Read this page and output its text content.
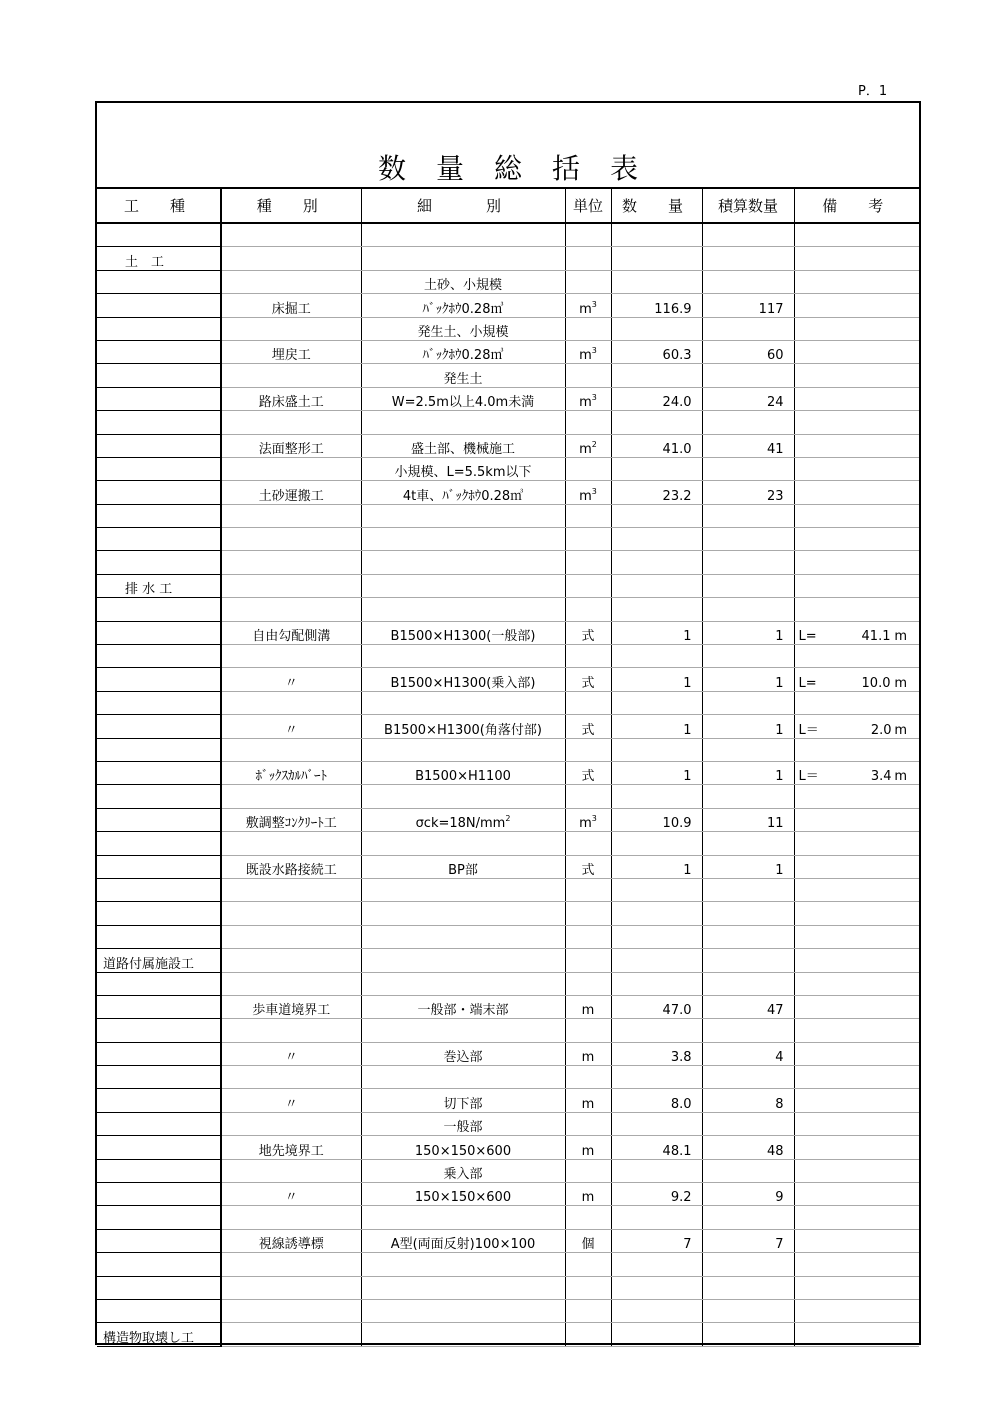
P．1
数量総括表
工　種	種　別	細　　別	単位	数　量	積算数量	備　考

土　工						
		土砂、小規模				
	床掘工	ﾊﾞｯｸﾎｳ0.28㎥	$m^3$	116.9	117	
		発生土、小規模				
	埋戻工	ﾊﾞｯｸﾎｳ0.28㎥	$m^3$	60.3	60	
		発生土				
	路床盛土工	W=2.5m以上4.0m未満	$m^3$	24.0	24	

	法面整形工	盛土部、機械施工	$m^2$	41.0	41	
		小規模、L=5.5km以下				
	土砂運搬工	4t車、ﾊﾞｯｸﾎｳ0.28㎥	$m^3$	23.2	23	

排 水 工						

	自由勾配側溝	B1500×H1300(一般部)	式	1	1	L= 41.1 m

	〃	B1500×H1300(乗入部)	式	1	1	L= 10.0 m

	〃	B1500×H1300(角落付部)	式	1	1	L＝ 2.0 m

	ﾎﾞｯｸｽｶﾙﾊﾞｰﾄ	B1500×H1100	式	1	1	L＝ 3.4 m

	敷調整ｺﾝｸﾘｰﾄ工	$\sigma ck=18N/mm^2$	$m^3$	10.9	11	

	既設水路接続工	BP部	式	1	1	

道路付属施設工						

	歩車道境界工	一般部・端末部	m	47.0	47	

	〃	巻込部	m	3.8	4	

	〃	切下部	m	8.0	8	
		一般部				
	地先境界工	150×150×600	m	48.1	48	
		乗入部				
	〃	150×150×600	m	9.2	9	

	視線誘導標	A型(両面反射)100×100	個	7	7	

構造物取壊し工						
